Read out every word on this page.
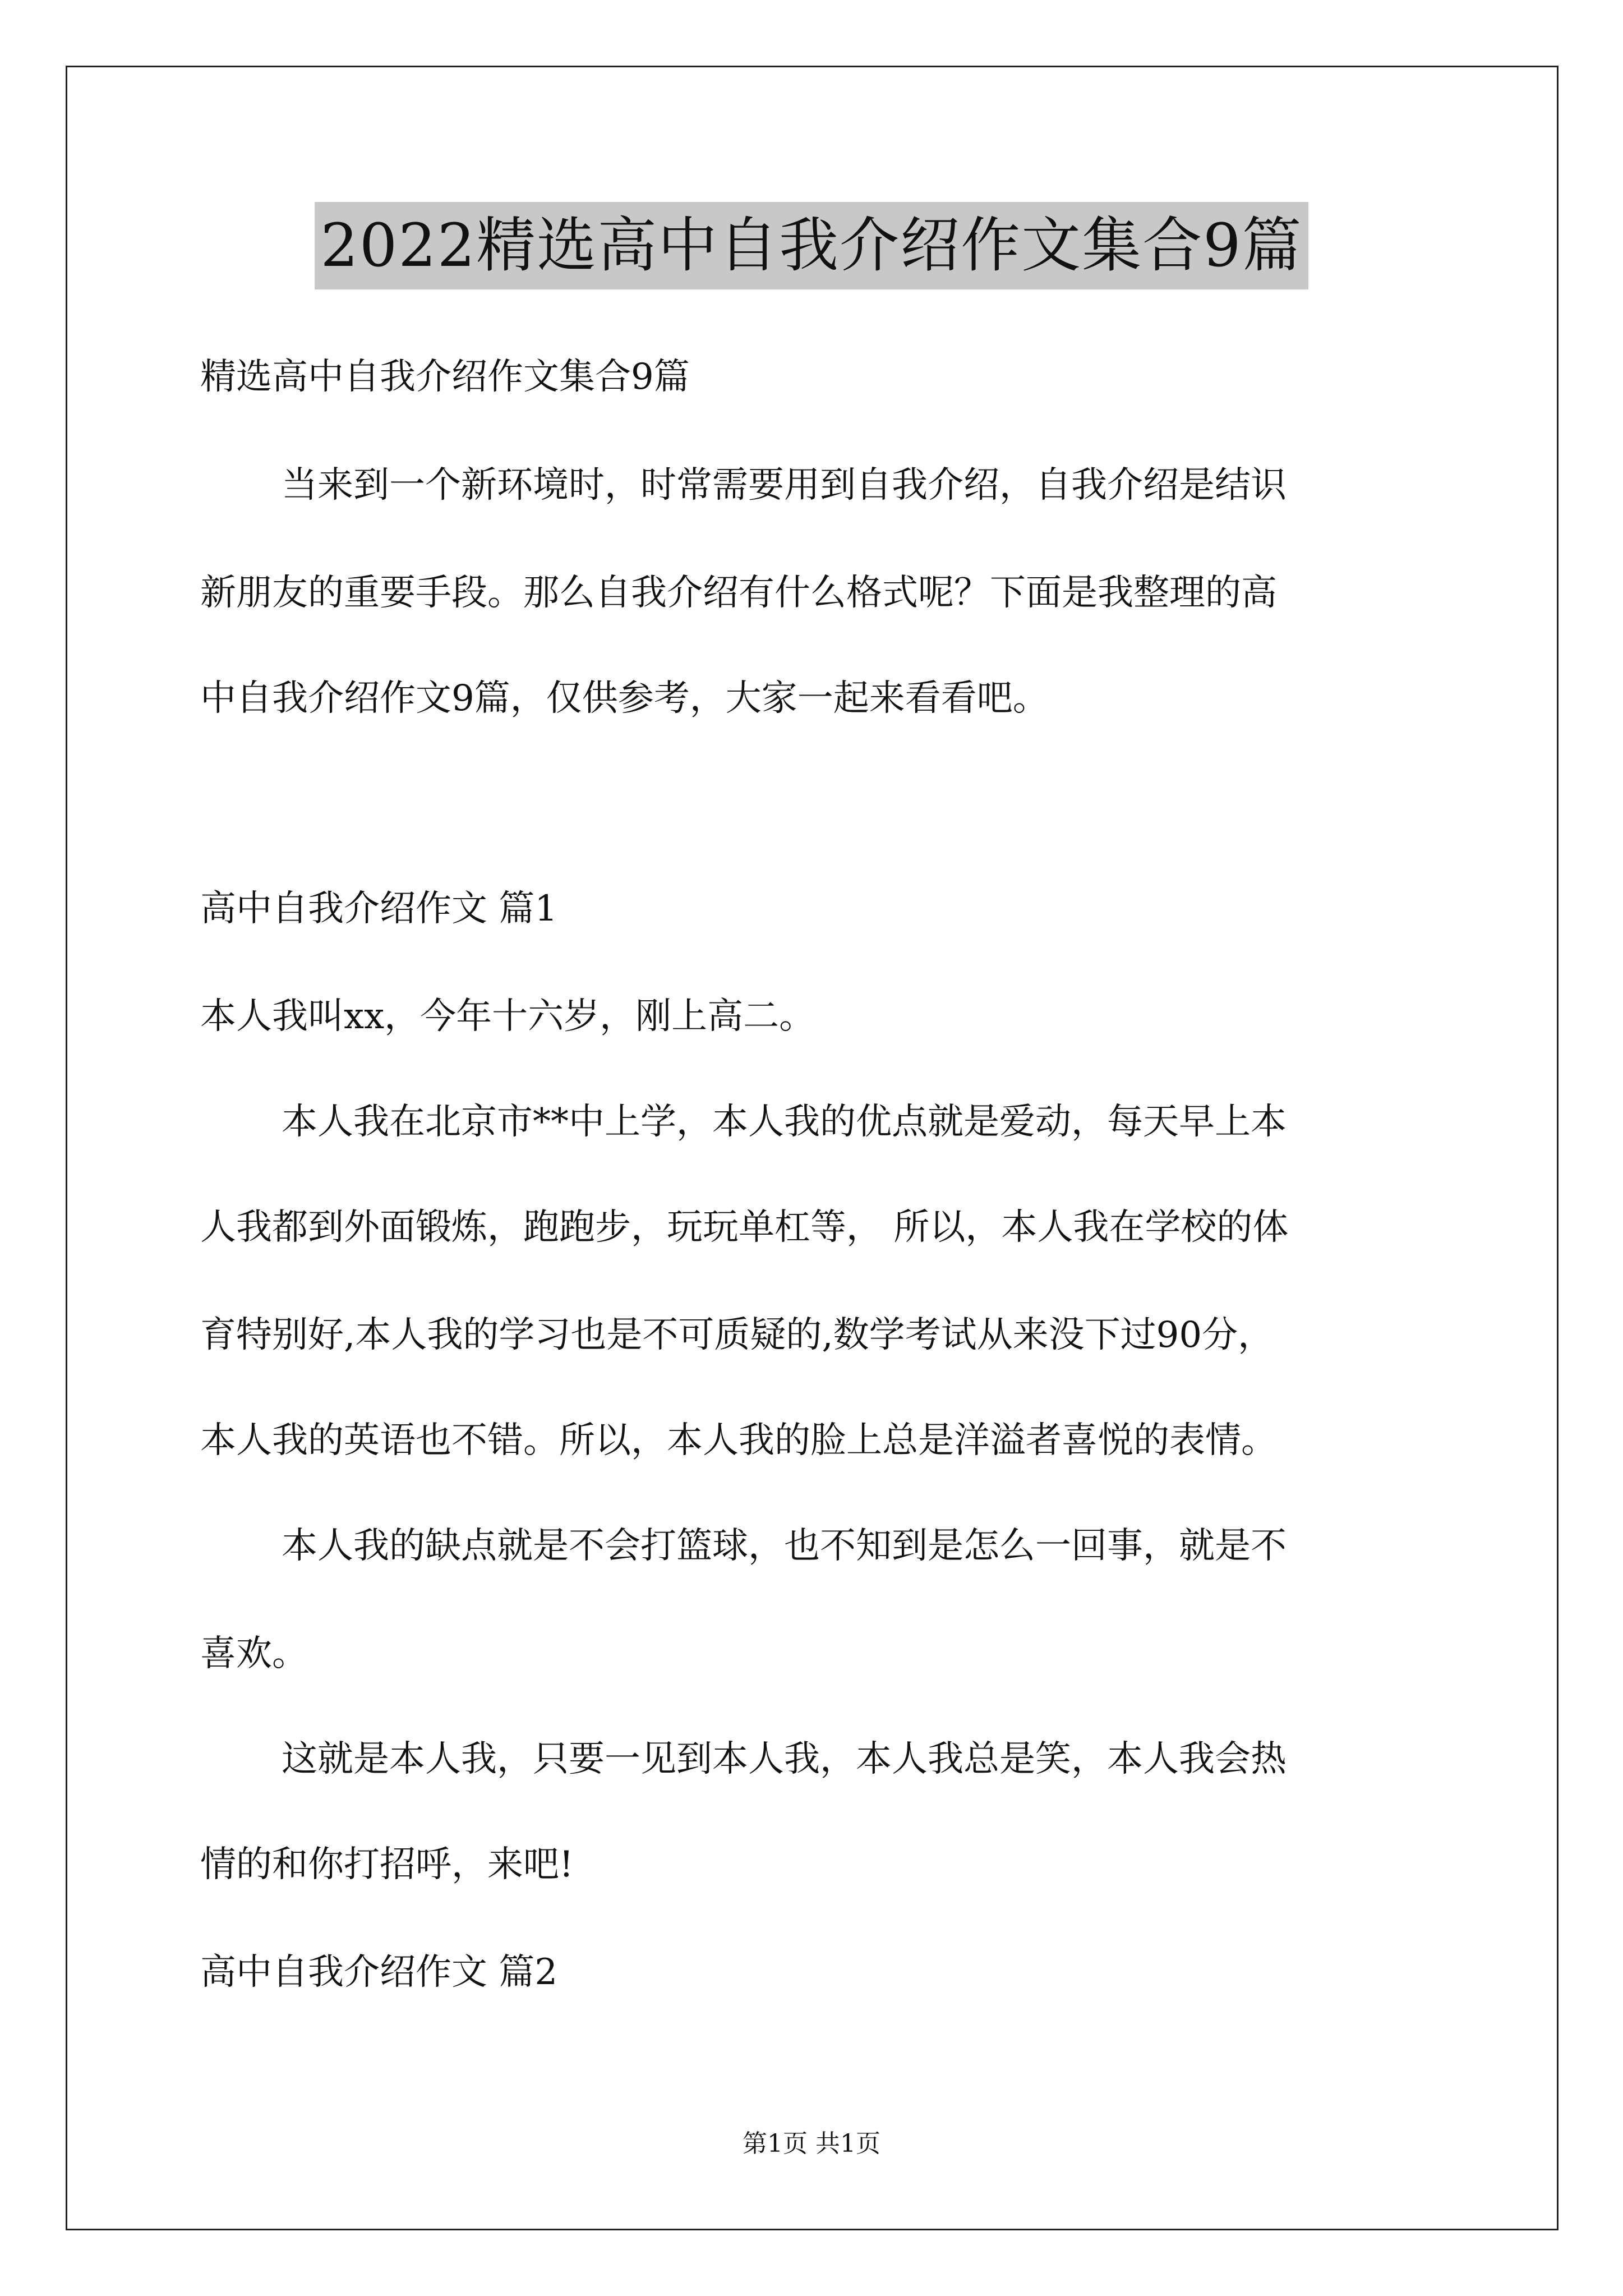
2022精选高中自我介绍作文集合9篇
精选高中自我介绍作文集合9篇
当来到一个新环境时，时常需要用到自我介绍，自我介绍是结识
新朋友的重要手段。那么自我介绍有什么格式呢？下面是我整理的高
中自我介绍作文9篇，仅供参考，大家一起来看看吧。
高中自我介绍作文 篇1
本人我叫xx，今年十六岁，刚上高二。
本人我在北京市**中上学，本人我的优点就是爱动，每天早上本
人我都到外面锻炼，跑跑步，玩玩单杠等， 所以，本人我在学校的体
育特别好,本人我的学习也是不可质疑的,数学考试从来没下过90分，
本人我的英语也不错。所以，本人我的脸上总是洋溢者喜悦的表情。
本人我的缺点就是不会打篮球，也不知到是怎么一回事，就是不
喜欢。
这就是本人我，只要一见到本人我，本人我总是笑，本人我会热
情的和你打招呼，来吧!
高中自我介绍作文 篇2
第1页 共1页
